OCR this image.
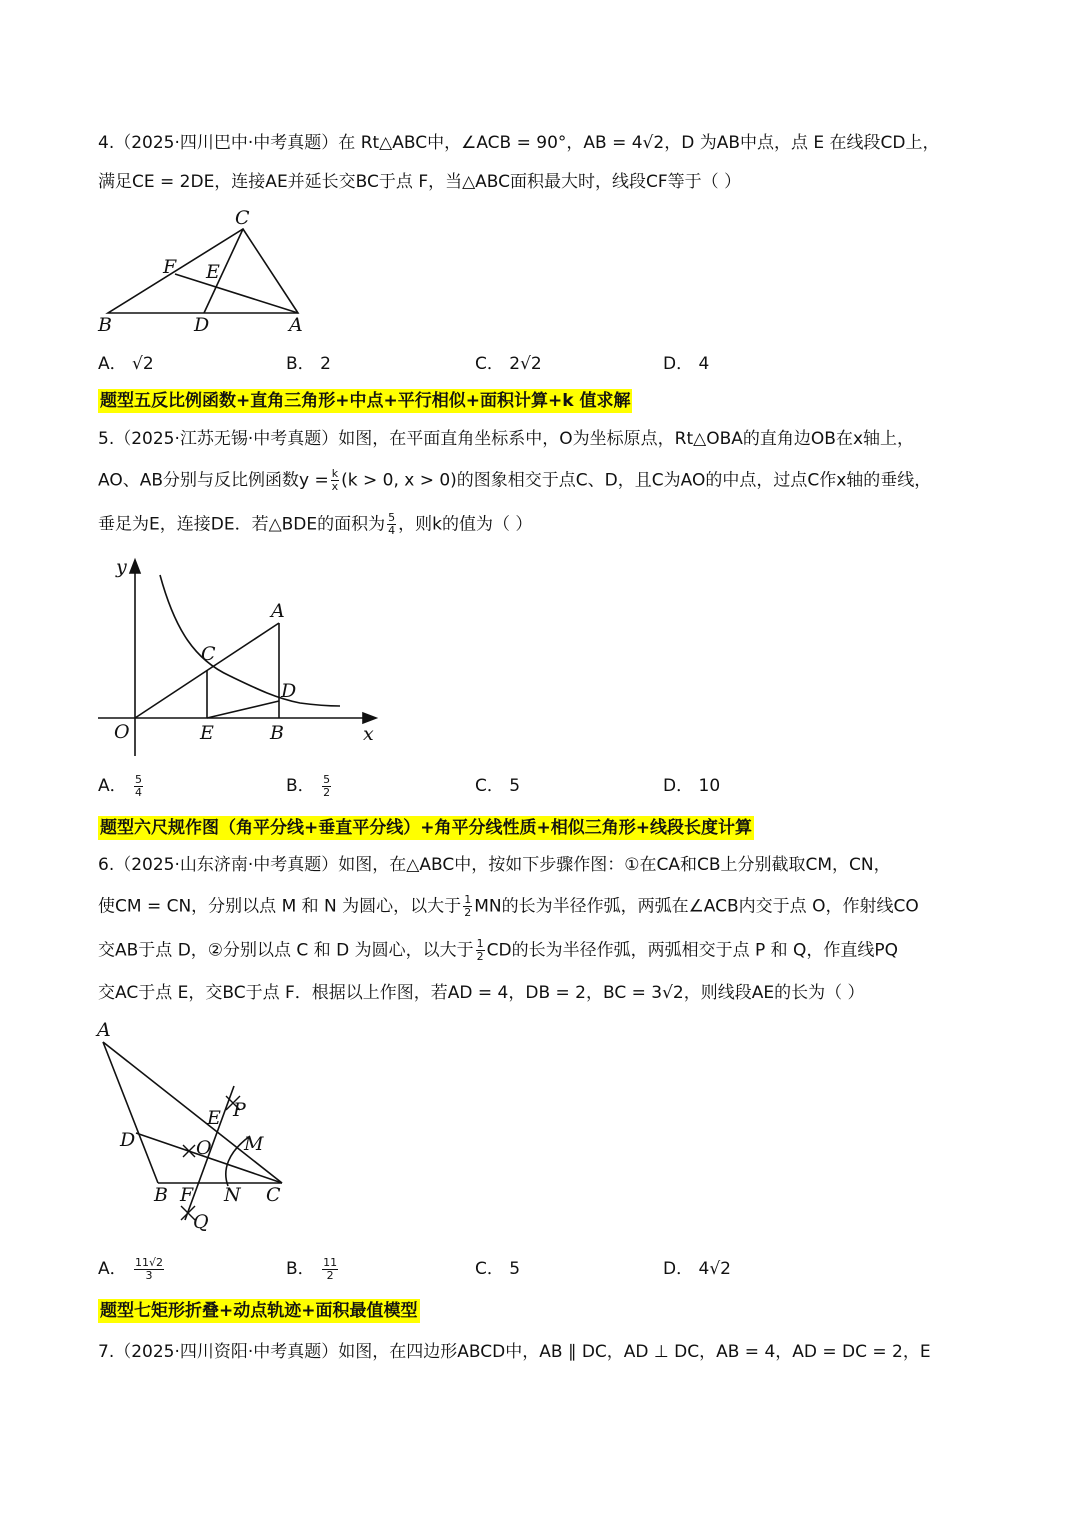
4.（2025·四川巴中·中考真题）在 Rt△ABC中，∠ACB = 90°，AB = 4√2，D 为AB中点，点 E 在线段CD上，
满足CE = 2DE，连接AE并延长交BC于点 F，当△ABC面积最大时，线段CF等于（ ）
C
F E
B	D	A
A． √2	B． 2	C． 2√2	D． 4
题型五反比例函数+直角三角形+中点+平行相似+面积计算+k 值求解
5.（2025·江苏无锡·中考真题）如图，在平面直角坐标系中，O为坐标原点，Rt△OBA的直角边OB在x轴上，
AO、AB分别与反比例函数$y = \frac{k}{x} (k > 0$, x > 0)的图象相交于点C、D，且C为AO的中点，过点C作x轴的垂线，
垂足为E，连接DE．若△BDE的面积为 $\frac{5}{4}$ ，则k的值为（ ）
y
x
O
A
C
D
E	B
A． $\frac{5}{4}$	B． $\frac{5}{2}$	C． 5	D． 10
题型六尺规作图（角平分线+垂直平分线）+角平分线性质+相似三角形+线段长度计算
6.（2025·山东济南·中考真题）如图，在△ABC中，按如下步骤作图：①在CA和CB上分别截取CM，CN，
使CM = CN，分别以点 M 和 N 为圆心，以大于 $\frac{1}{2}$ MN的长为半径作弧，两弧在∠ACB内交于点 O，作射线CO
交AB于点 D，②分别以点 C 和 D 为圆心，以大于 $\frac{1}{2}$ CD的长为半径作弧，两弧相交于点 P 和 Q，作直线PQ
交AC于点 E，交BC于点 F．根据以上作图，若AD = 4，DB = 2，BC = 3√2，则线段AE的长为（ ）
A
E P
D	O M
B F N C
Q
A． $\frac{11√2}{3}$	B． $\frac{11}{2}$	C． 5	D． 4√2
题型七矩形折叠+动点轨迹+面积最值模型
7.（2025·四川资阳·中考真题）如图，在四边形ABCD中，AB ∥ DC，AD ⊥ DC，AB = 4，AD = DC = 2，E
